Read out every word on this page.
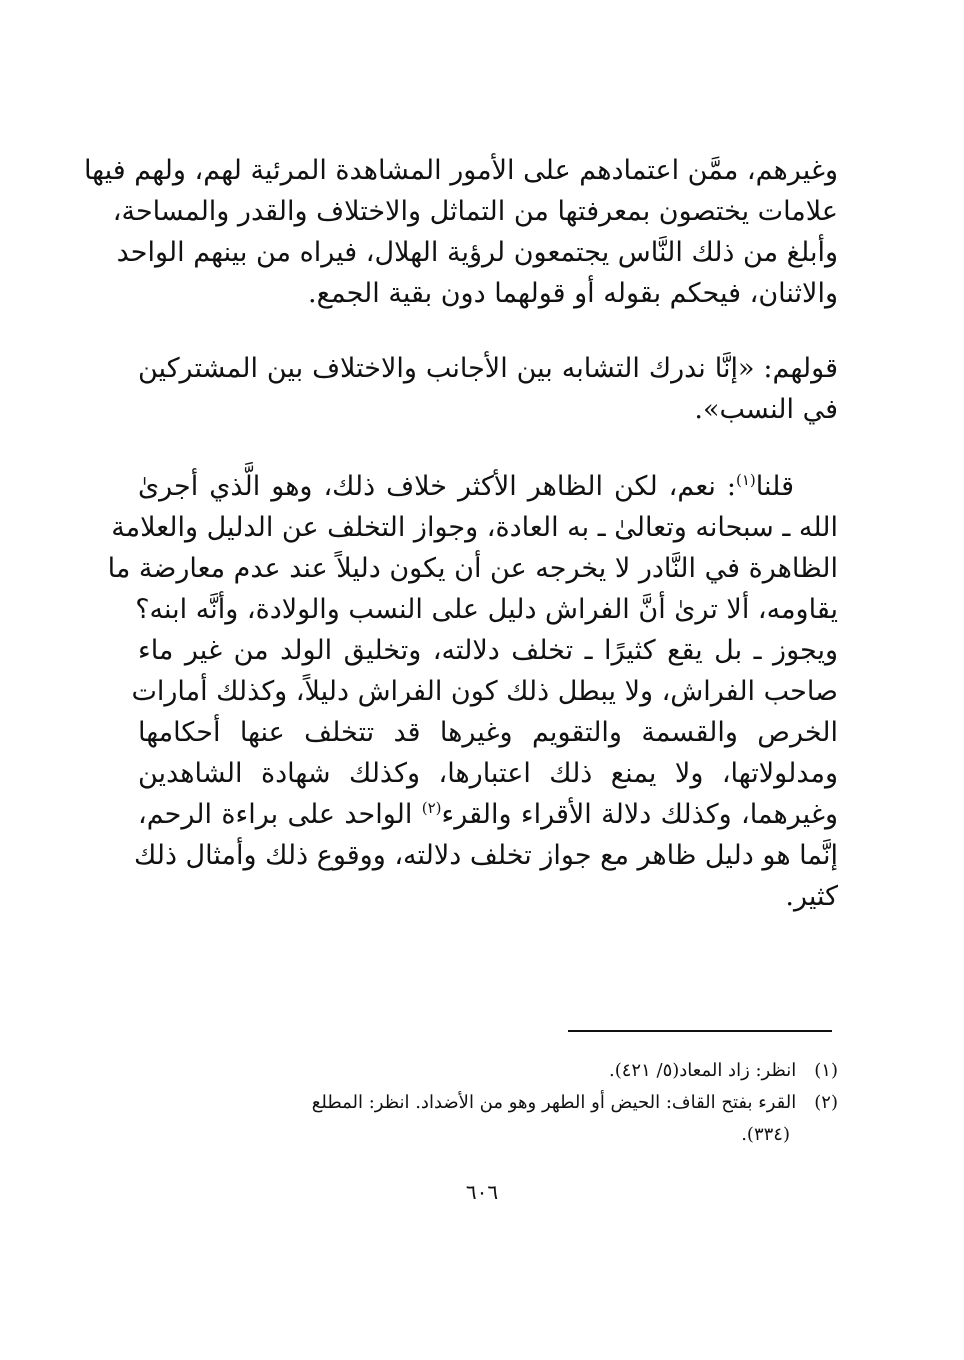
وغيرهم، ممَّن اعتمادهم على الأمور المشاهدة المرئية لهم، ولهم فيها
علامات يختصون بمعرفتها من التماثل والاختلاف والقدر والمساحة،
وأبلغ من ذلك النَّاس يجتمعون لرؤية الهلال، فيراه من بينهم الواحد
والاثنان، فيحكم بقوله أو قولهما دون بقية الجمع.
قولهم: «إنَّا ندرك التشابه بين الأجانب والاختلاف بين المشتركين
في النسب».
قلنا$^{(١)}$: نعم، لكن الظاهر الأكثر خلاف ذلك، وهو الَّذي أجرىٰ
الله ـ سبحانه وتعالىٰ ـ به العادة، وجواز التخلف عن الدليل والعلامة
الظاهرة في النَّادر لا يخرجه عن أن يكون دليلاً عند عدم معارضة ما
يقاومه، ألا ترىٰ أنَّ الفراش دليل على النسب والولادة، وأنَّه ابنه؟
ويجوز ـ بل يقع كثيرًا ـ تخلف دلالته، وتخليق الولد من غير ماء
صاحب الفراش، ولا يبطل ذلك كون الفراش دليلاً، وكذلك أمارات
الخرص والقسمة والتقويم وغيرها قد تتخلف عنها أحكامها
ومدلولاتها، ولا يمنع ذلك اعتبارها، وكذلك شهادة الشاهدين
وغيرهما، وكذلك دلالة الأقراء والقرء$^{(٢)}$ الواحد على براءة الرحم،
إنَّما هو دليل ظاهر مع جواز تخلف دلالته، ووقوع ذلك وأمثال ذلك
كثير.
(١) انظر: زاد المعاد(٥/ ٤٢١).
(٢) القرء بفتح القاف: الحيض أو الطهر وهو من الأضداد. انظر: المطلع
(٣٣٤).
٦٠٦
